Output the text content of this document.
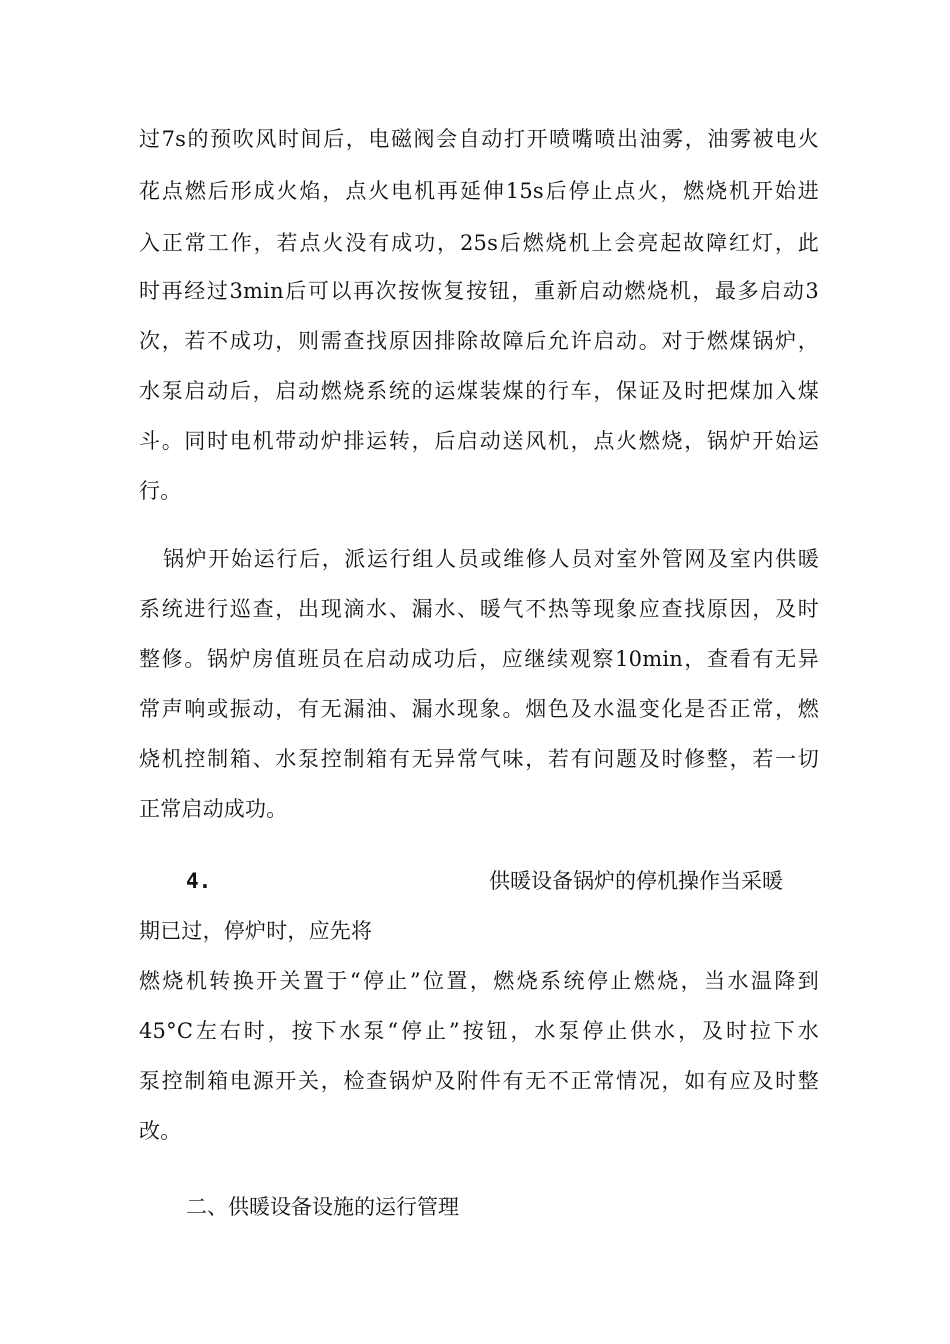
过7s的预吹风时间后，电磁阀会自动打开喷嘴喷出油雾，油雾被电火
花点燃后形成火焰，点火电机再延伸15s后停止点火，燃烧机开始进
入正常工作，若点火没有成功，25s后燃烧机上会亮起故障红灯，此
时再经过3min后可以再次按恢复按钮，重新启动燃烧机，最多启动3
次，若不成功，则需查找原因排除故障后允许启动。对于燃煤锅炉，
水泵启动后，启动燃烧系统的运煤装煤的行车，保证及时把煤加入煤
斗。同时电机带动炉排运转，后启动送风机，点火燃烧，锅炉开始运
行。
锅炉开始运行后，派运行组人员或维修人员对室外管网及室内供暖
系统进行巡查，出现滴水、漏水、暖气不热等现象应查找原因，及时
整修。锅炉房值班员在启动成功后，应继续观察10min，查看有无异
常声响或振动，有无漏油、漏水现象。烟色及水温变化是否正常，燃
烧机控制箱、水泵控制箱有无异常气味，若有问题及时修整，若一切
正常启动成功。
4.	供暖设备锅炉的停机操作当采暖
期已过，停炉时，应先将
燃烧机转换开关置于“停止”位置，燃烧系统停止燃烧，当水温降到
45°C左右时，按下水泵“停止”按钮，水泵停止供水，及时拉下水
泵控制箱电源开关，检查锅炉及附件有无不正常情况，如有应及时整
改。
二、供暖设备设施的运行管理
